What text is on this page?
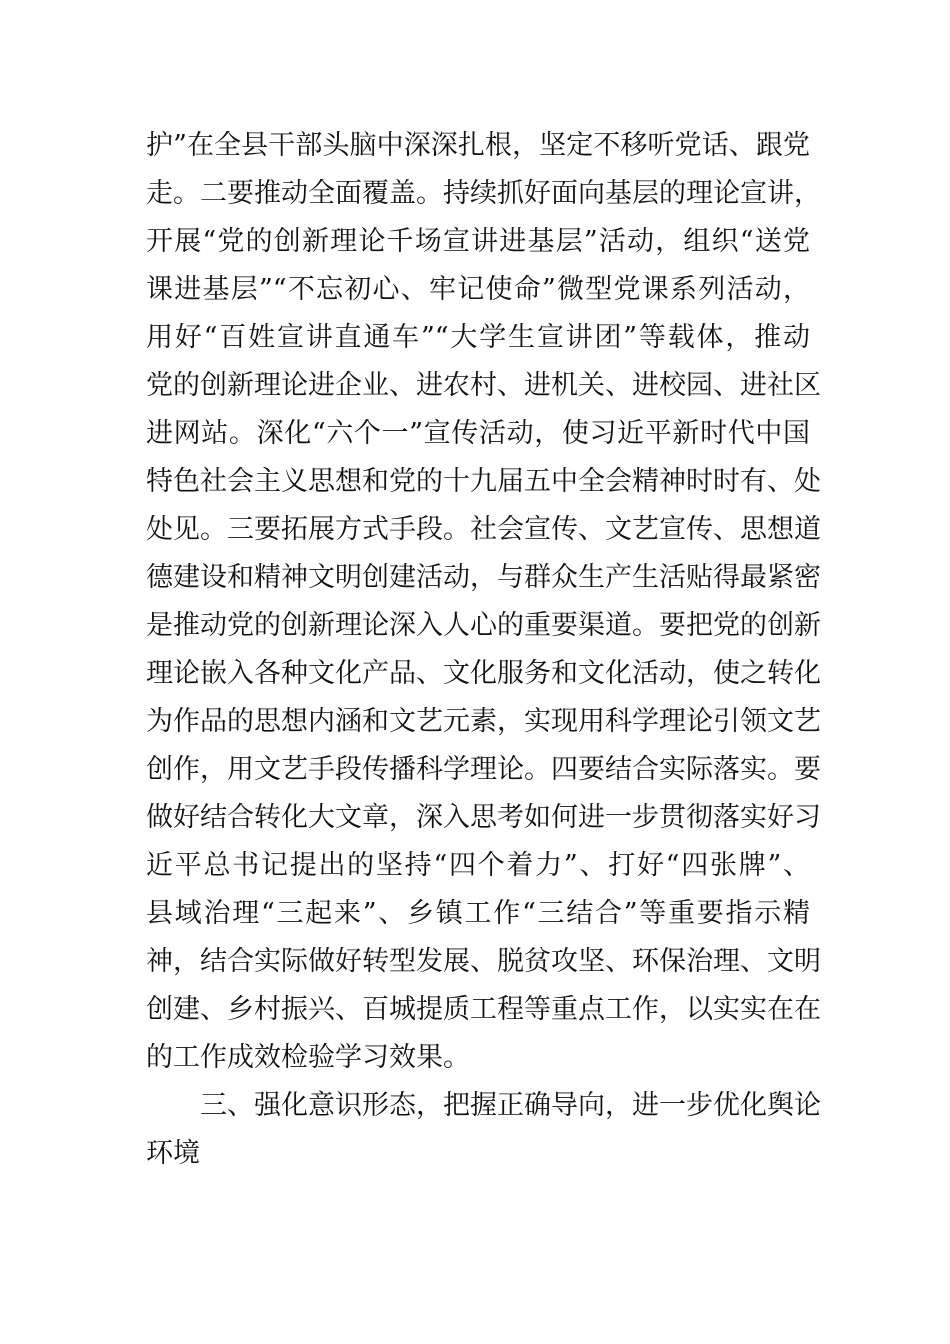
护”在全县干部头脑中深深扎根，坚定不移听党话、跟党
走。二要推动全面覆盖。持续抓好面向基层的理论宣讲，
开展“党的创新理论千场宣讲进基层”活动，组织“送党
课进基层”“不忘初心、牢记使命”微型党课系列活动，
用好“百姓宣讲直通车”“大学生宣讲团”等载体，推动
党的创新理论进企业、进农村、进机关、进校园、进社区
进网站。深化“六个一”宣传活动，使习近平新时代中国
特色社会主义思想和党的十九届五中全会精神时时有、处
处见。三要拓展方式手段。社会宣传、文艺宣传、思想道
德建设和精神文明创建活动，与群众生产生活贴得最紧密
是推动党的创新理论深入人心的重要渠道。要把党的创新
理论嵌入各种文化产品、文化服务和文化活动，使之转化
为作品的思想内涵和文艺元素，实现用科学理论引领文艺
创作，用文艺手段传播科学理论。四要结合实际落实。要
做好结合转化大文章，深入思考如何进一步贯彻落实好习
近平总书记提出的坚持“四个着力”、打好“四张牌”、
县域治理“三起来”、乡镇工作“三结合”等重要指示精
神，结合实际做好转型发展、脱贫攻坚、环保治理、文明
创建、乡村振兴、百城提质工程等重点工作，以实实在在
的工作成效检验学习效果。
三、强化意识形态，把握正确导向，进一步优化舆论
环境
